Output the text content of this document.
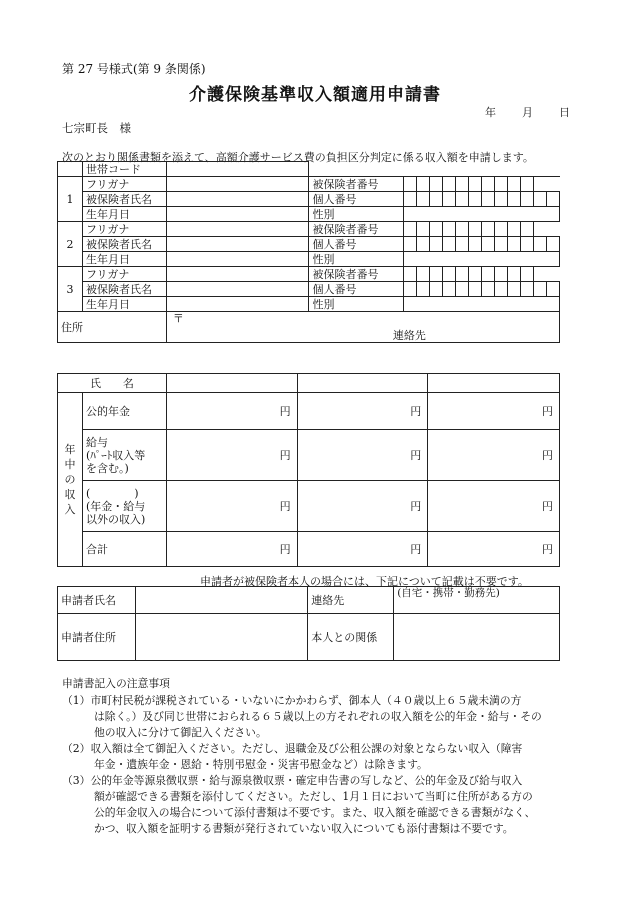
第 27 号様式(第 9 条関係)
介護保険基準収入額適用申請書
年 月 日
七宗町長　様
次のとおり関係書類を添えて、高額介護サービス費の負担区分判定に係る収入額を申請します。
	世帯コード														
1	フリガナ		被保険者番号												
	被保険者氏名		個人番号												
	生年月日		性別												
2	フリガナ		被保険者番号												
	被保険者氏名		個人番号												
	生年月日		性別												
3	フリガナ		被保険者番号												
	被保険者氏名		個人番号												
	生年月日		性別												
住所		〒
連絡先													
氏　　名				

年
中
の
収
入	公的年金	円	円	円

	給与
(ﾊﾟｰﾄ収入等
を含む。)	円	円	円

	(　　　　)
(年金・給与
以外の収入)	円	円	円
	合計	円	円	円
申請者が被保険者本人の場合には、下記について記載は不要です。
申請者氏名		連絡先	(自宅・携帯・勤務先)
申請者住所		本人との関係	
申請書記入の注意事項
（1）市町村民税が課税されている・いないにかかわらず、御本人（４０歳以上６５歳未満の方
は除く。）及び同じ世帯におられる６５歳以上の方それぞれの収入額を公的年金・給与・その
他の収入に分けて御記入ください。
（2）収入額は全て御記入ください。ただし、退職金及び公租公課の対象とならない収入（障害
年金・遺族年金・恩給・特別弔慰金・災害弔慰金など）は除きます。
（3）公的年金等源泉徴収票・給与源泉徴収票・確定申告書の写しなど、公的年金及び給与収入
額が確認できる書類を添付してください。ただし、1月１日において当町に住所がある方の
公的年金収入の場合について添付書類は不要です。また、収入額を確認できる書類がなく、
かつ、収入額を証明する書類が発行されていない収入についても添付書類は不要です。
